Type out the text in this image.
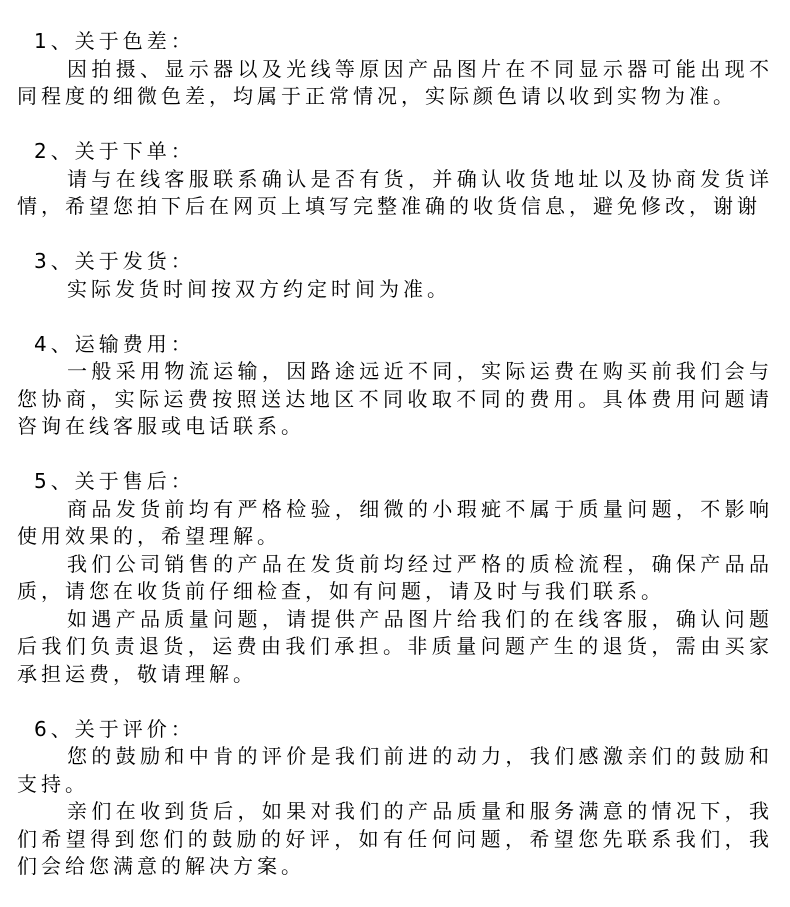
1、关于色差：

因拍摄、显示器以及光线等原因产品图片在不同显示器可能出现不同程度的细微色差，均属于正常情况，实际颜色请以收到实物为准。

2、关于下单：

请与在线客服联系确认是否有货，并确认收货地址以及协商发货详情，希望您拍下后在网页上填写完整准确的收货信息，避免修改，谢谢

3、关于发货：

实际发货时间按双方约定时间为准。

4、运输费用：

一般采用物流运输，因路途远近不同，实际运费在购买前我们会与您协商，实际运费按照送达地区不同收取不同的费用。具体费用问题请咨询在线客服或电话联系。

5、关于售后：

商品发货前均有严格检验，细微的小瑕疵不属于质量问题，不影响使用效果的，希望理解。

我们公司销售的产品在发货前均经过严格的质检流程，确保产品品质，请您在收货前仔细检查，如有问题，请及时与我们联系。

如遇产品质量问题，请提供产品图片给我们的在线客服，确认问题后我们负责退货，运费由我们承担。非质量问题产生的退货，需由买家承担运费，敬请理解。

6、关于评价：

您的鼓励和中肯的评价是我们前进的动力，我们感激亲们的鼓励和支持。

亲们在收到货后，如果对我们的产品质量和服务满意的情况下，我们希望得到您们的鼓励的好评，如有任何问题，希望您先联系我们，我们会给您满意的解决方案。
